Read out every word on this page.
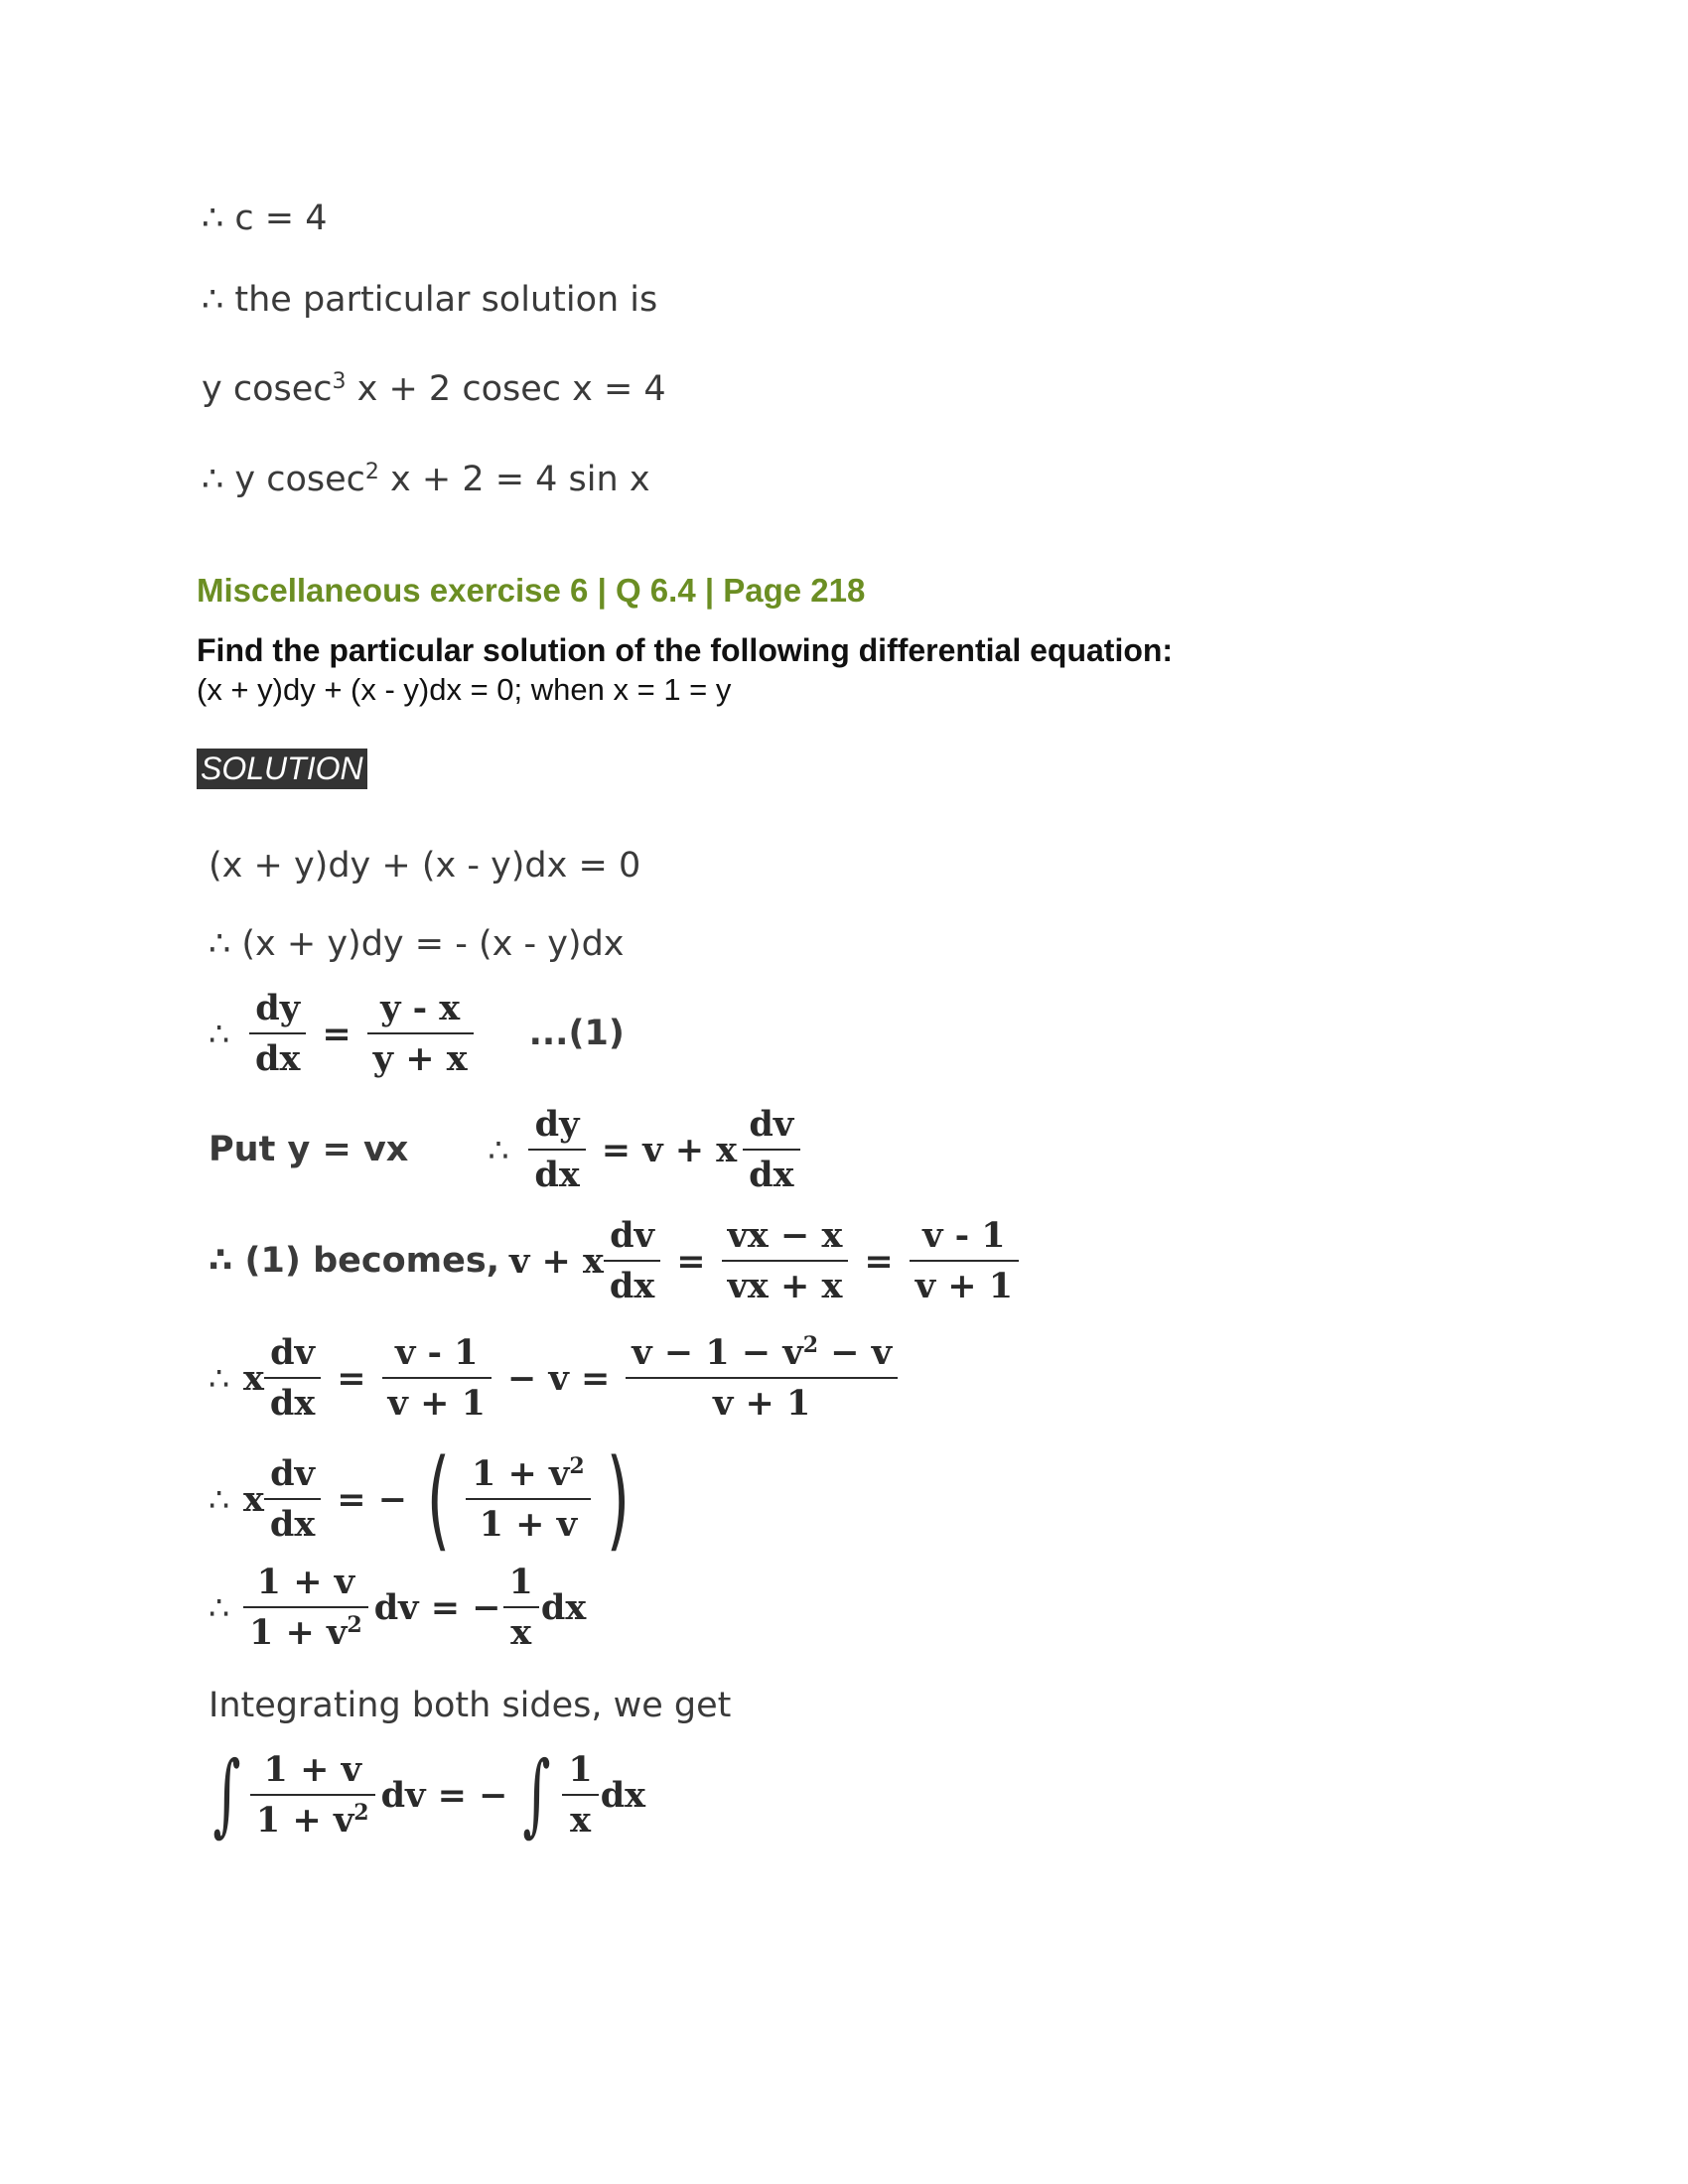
∴ c = 4
∴ the particular solution is
y cosec$^3$ x + 2 cosec x = 4
∴ y cosec$^2$ x + 2 = 4 sin x
Miscellaneous exercise 6 | Q 6.4 | Page 218
Find the particular solution of the following differential equation:
(x + y)dy + (x - y)dx = 0; when x = 1 = y
SOLUTION
(x + y)dy + (x - y)dx = 0
∴ (x + y)dy = - (x - y)dx
∴ $\frac{dy}{dx} = \frac{y - x}{y + x} ...(1)$
Put y = vx ∴ $\frac{dy}{dx} = v + x \frac{dv}{dx}$
∴ (1) becomes, v + x $\frac{dv}{dx} = \frac{vx - x}{vx + x} = \frac{v - 1}{v + 1}$
∴ x $\frac{dv}{dx} = \frac{v - 1}{v + 1} - v = \frac{v - 1 - v^2 - v}{v + 1}$
∴ x $\frac{dv}{dx}$ = − ( $\frac{1 + v^2}{1 + v}$ )
∴ $\frac{1 + v}{1 + v^2}$ dv = − $\frac{1}{x}$ dx
Integrating both sides, we get
∫ $\frac{1 + v}{1 + v^2}$ dv = − ∫ $\frac{1}{x}$ dx
